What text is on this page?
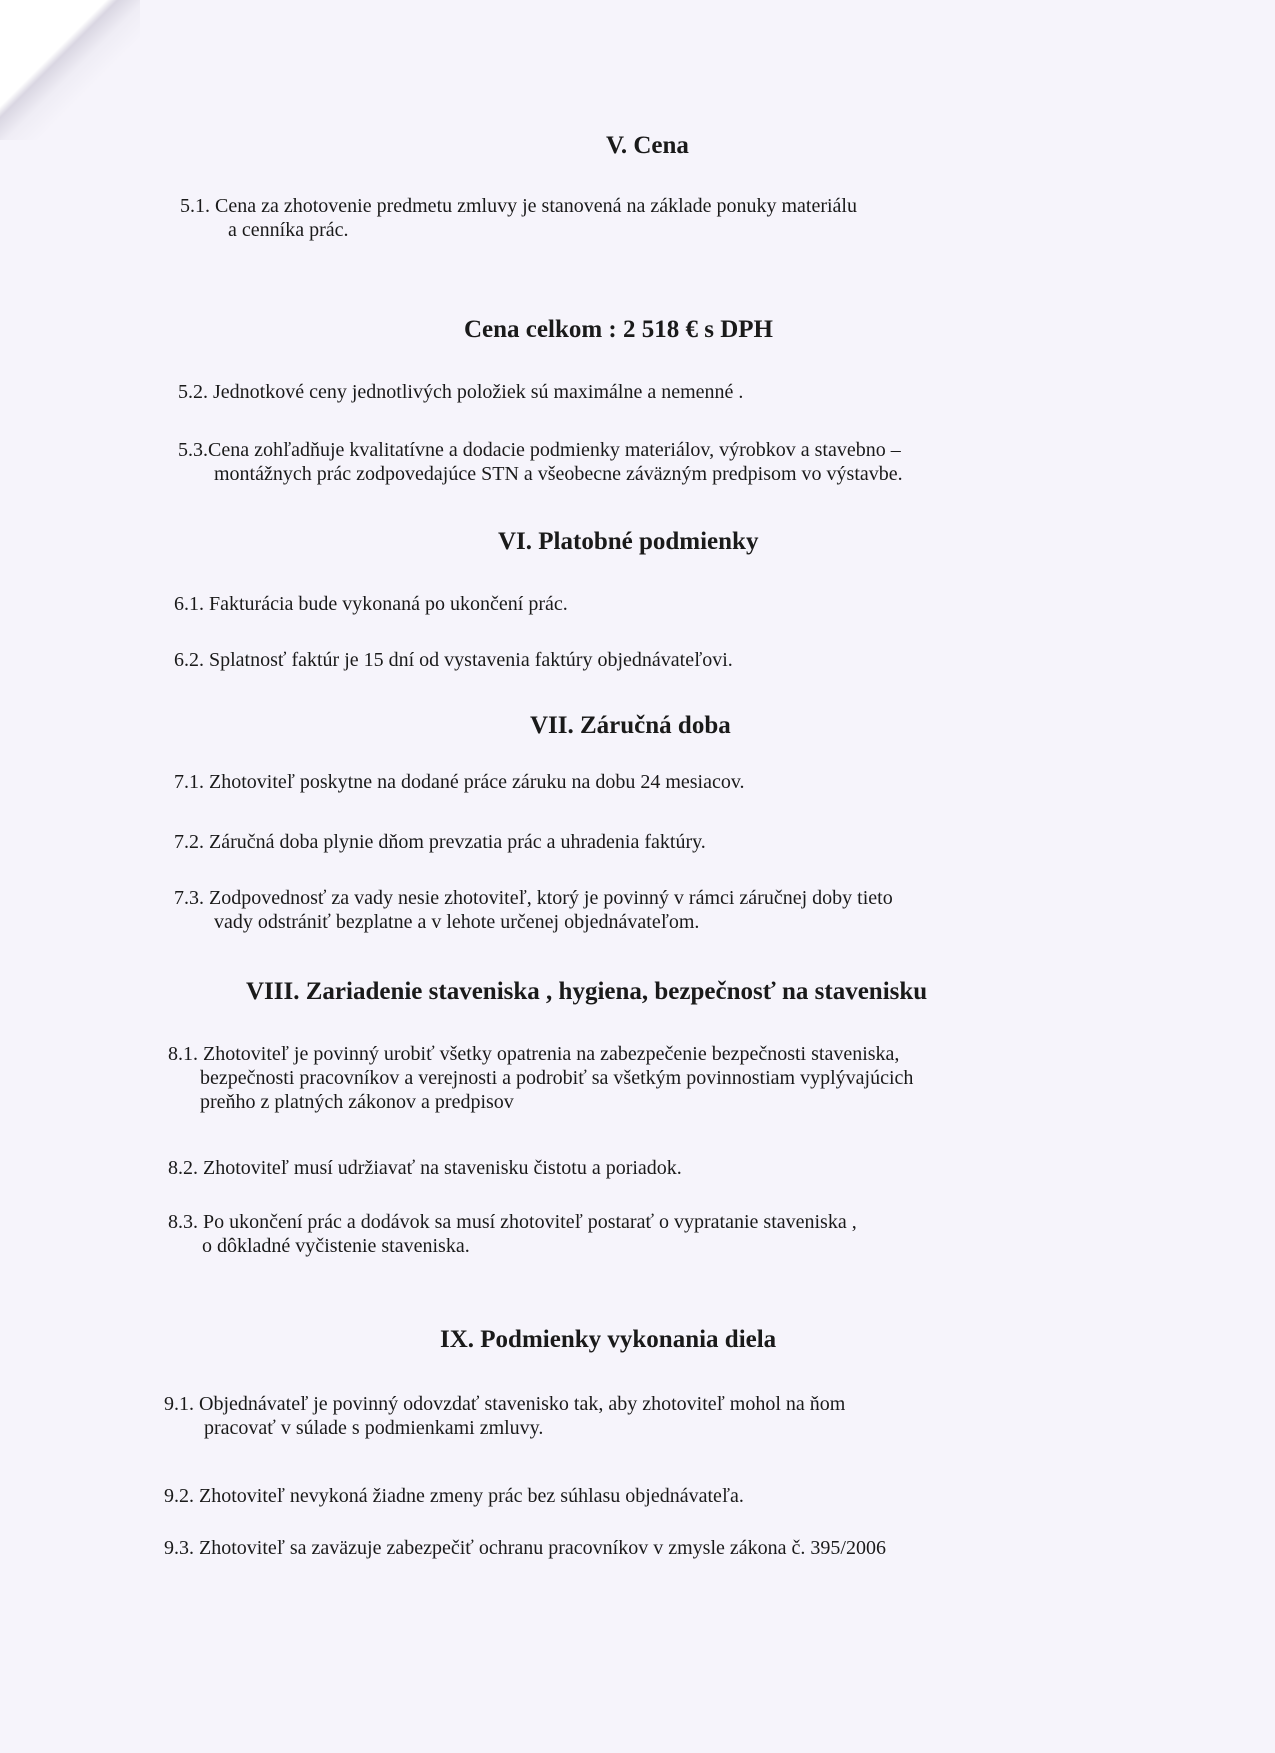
V. Cena
5.1. Cena za zhotovenie predmetu zmluvy je stanovená na základe ponuky materiálu
a cenníka prác.
Cena celkom : 2 518 € s DPH
5.2. Jednotkové ceny jednotlivých položiek sú maximálne a nemenné .
5.3.Cena zohľadňuje kvalitatívne a dodacie podmienky materiálov, výrobkov a stavebno –
montážnych prác zodpovedajúce STN a všeobecne záväzným predpisom vo výstavbe.
VI. Platobné podmienky
6.1. Fakturácia bude vykonaná po ukončení prác.
6.2. Splatnosť faktúr je 15 dní od vystavenia faktúry objednávateľovi.
VII. Záručná doba
7.1. Zhotoviteľ poskytne na dodané práce záruku na dobu 24 mesiacov.
7.2. Záručná doba plynie dňom prevzatia prác a uhradenia faktúry.
7.3. Zodpovednosť za vady nesie zhotoviteľ, ktorý je povinný v rámci záručnej doby tieto
vady odstrániť bezplatne a v lehote určenej objednávateľom.
VIII. Zariadenie staveniska , hygiena, bezpečnosť na stavenisku
8.1. Zhotoviteľ je povinný urobiť všetky opatrenia na zabezpečenie bezpečnosti staveniska,
bezpečnosti pracovníkov a verejnosti a podrobiť sa všetkým povinnostiam vyplývajúcich
preňho z platných zákonov a predpisov
8.2. Zhotoviteľ musí udržiavať na stavenisku čistotu a poriadok.
8.3. Po ukončení prác a dodávok sa musí zhotoviteľ postarať o vypratanie staveniska ,
o dôkladné vyčistenie staveniska.
IX. Podmienky vykonania diela
9.1. Objednávateľ je povinný odovzdať stavenisko tak, aby zhotoviteľ mohol na ňom
pracovať v súlade s podmienkami zmluvy.
9.2. Zhotoviteľ nevykoná žiadne zmeny prác bez súhlasu objednávateľa.
9.3. Zhotoviteľ sa zaväzuje zabezpečiť ochranu pracovníkov v zmysle zákona č. 395/2006
